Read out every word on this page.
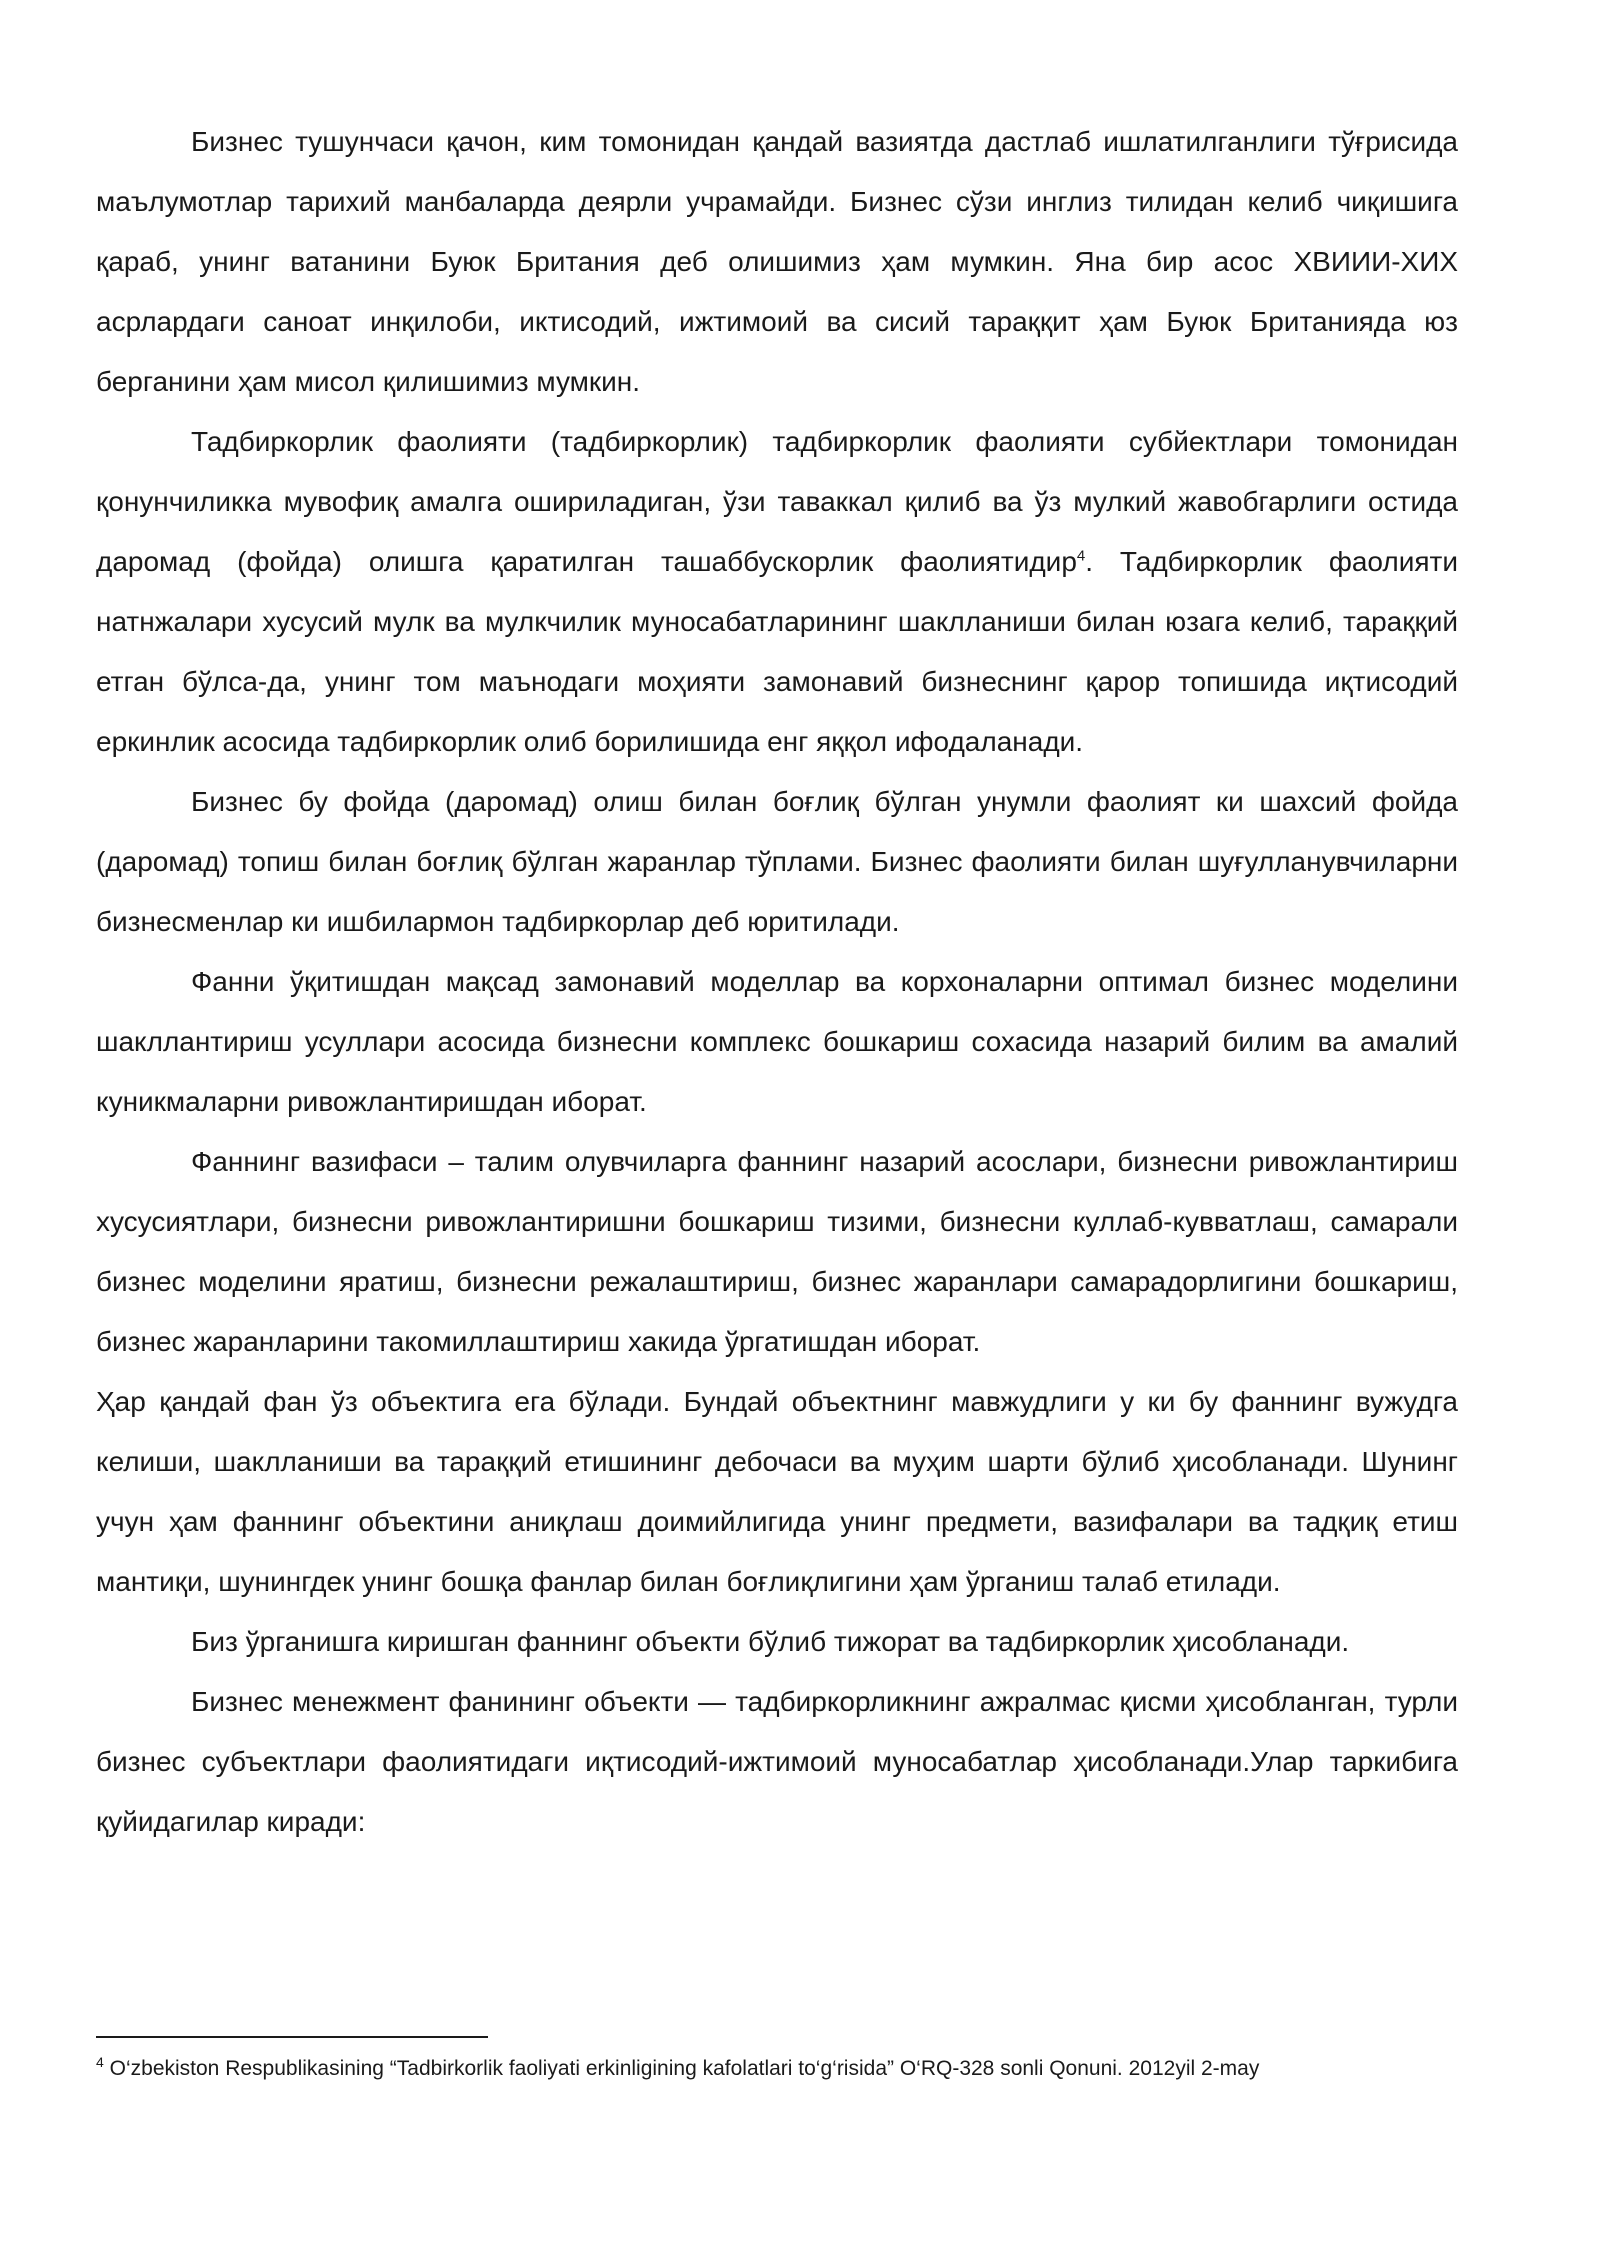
Бизнес тушунчаси қачон, ким томонидан қандай вазиятда дастлаб ишлатилганлиги тўғрисида маълумотлар тарихий манбаларда деярли учрамайди. Бизнес сўзи инглиз тилидан келиб чиқишига қараб, унинг ватанини Буюк Британия деб олишимиз ҳам мумкин. Яна бир асос ХВИИИ-ХИХ асрлардаги саноат инқилоби, иктисодий, ижтимоий ва сисий тараққит ҳам Буюк Британияда юз берганини ҳам мисол қилишимиз мумкин.

Тадбиркорлик фаолияти (тадбиркорлик) тадбиркорлик фаолияти субйектлари томонидан қонунчиликка мувофиқ амалга ошириладиган, ўзи таваккал қилиб ва ўз мулкий жавобгарлиги остида даромад (фойда) олишга қаратилган ташаббускорлик фаолиятидир$^4$. Тадбиркорлик фаолияти натнжалари хусусий мулк ва мулкчилик муносабатларининг шаклланиши билан юзага келиб, тараққий етган бўлса-да, унинг том маънодаги моҳияти замонавий бизнеснинг қарор топишида иқтисодий еркинлик асосида тадбиркорлик олиб борилишида енг яққол ифодаланади.

Бизнес бу фойда (даромад) олиш билан боғлиқ бўлган унумли фаолият ки шахсий фойда (даромад) топиш билан боғлиқ бўлган жаранлар тўплами. Бизнес фаолияти билан шуғулланувчиларни бизнесменлар ки ишбилармон тадбиркорлар деб юритилади.

Фанни ўқитишдан мақсад замонавий моделлар ва корхоналарни оптимал бизнес моделини шакллантириш усуллари асосида бизнесни комплекс бошкариш сохасида назарий билим ва амалий куникмаларни ривожлантиришдан иборат.

Фаннинг вазифаси – талим олувчиларга фаннинг назарий асослари, бизнесни ривожлантириш хусусиятлари, бизнесни ривожлантиришни бошкариш тизими, бизнесни куллаб-кувватлаш, самарали бизнес моделини яратиш, бизнесни режалаштириш, бизнес жаранлари самарадорлигини бошкариш, бизнес жаранларини такомиллаштириш хакида ўргатишдан иборат.

Ҳар қандай фан ўз объектига ега бўлади. Бундай объектнинг мавжудлиги у ки бу фаннинг вужудга келиши, шаклланиши ва тараққий етишининг дебочаси ва муҳим шарти бўлиб ҳисобланади. Шунинг учун ҳам фаннинг объектини аниқлаш доимийлигида унинг предмети, вазифалари ва тадқиқ етиш мантиқи, шунингдек унинг бошқа фанлар билан боғлиқлигини ҳам ўрганиш талаб етилади.

Биз ўрганишга киришган фаннинг объекти бўлиб тижорат ва тадбиркорлик ҳисобланади.

Бизнес менежмент фанининг объекти — тадбиркорликнинг ажралмас қисми ҳисобланган, турли бизнес субъектлари фаолиятидаги иқтисодий-ижтимоий муносабатлар ҳисобланади.Улар таркибига қуйидагилар киради:

$^4$ O‘zbekiston Respublikasining “Tadbirkorlik faoliyati erkinligining kafolatlari to‘g‘risida” O‘RQ-328 sonli Qonuni. 2012yil 2-may
